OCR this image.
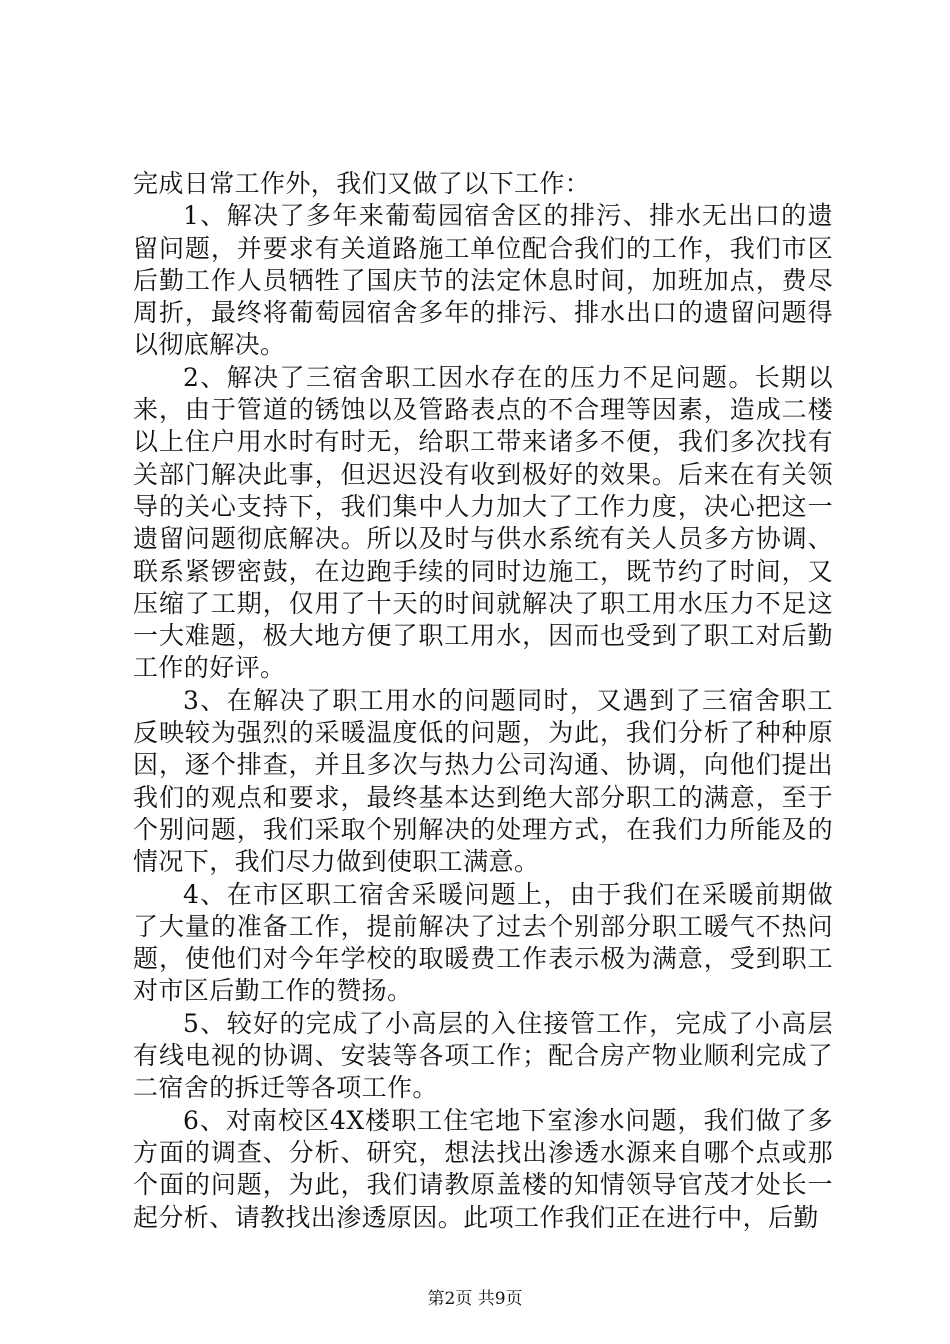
完成日常工作外，我们又做了以下工作：

1、解决了多年来葡萄园宿舍区的排污、排水无出口的遗留问题，并要求有关道路施工单位配合我们的工作，我们市区后勤工作人员牺牲了国庆节的法定休息时间，加班加点，费尽周折，最终将葡萄园宿舍多年的排污、排水出口的遗留问题得以彻底解决。

2、解决了三宿舍职工因水存在的压力不足问题。长期以来，由于管道的锈蚀以及管路表点的不合理等因素，造成二楼以上住户用水时有时无，给职工带来诸多不便，我们多次找有关部门解决此事，但迟迟没有收到极好的效果。后来在有关领导的关心支持下，我们集中人力加大了工作力度，决心把这一遗留问题彻底解决。所以及时与供水系统有关人员多方协调、联系紧锣密鼓，在边跑手续的同时边施工，既节约了时间，又压缩了工期，仅用了十天的时间就解决了职工用水压力不足这一大难题，极大地方便了职工用水，因而也受到了职工对后勤工作的好评。

3、在解决了职工用水的问题同时，又遇到了三宿舍职工反映较为强烈的采暖温度低的问题，为此，我们分析了种种原因，逐个排查，并且多次与热力公司沟通、协调，向他们提出我们的观点和要求，最终基本达到绝大部分职工的满意，至于个别问题，我们采取个别解决的处理方式，在我们力所能及的情况下，我们尽力做到使职工满意。

4、在市区职工宿舍采暖问题上，由于我们在采暖前期做了大量的准备工作，提前解决了过去个别部分职工暖气不热问题，使他们对今年学校的取暖费工作表示极为满意，受到职工对市区后勤工作的赞扬。

5、较好的完成了小高层的入住接管工作，完成了小高层有线电视的协调、安装等各项工作；配合房产物业顺利完成了二宿舍的拆迁等各项工作。

6、对南校区4X楼职工住宅地下室渗水问题，我们做了多方面的调查、分析、研究，想法找出渗透水源来自哪个点或那个面的问题，为此，我们请教原盖楼的知情领导官茂才处长一起分析、请教找出渗透原因。此项工作我们正在进行中，后勤

第2页 共9页
